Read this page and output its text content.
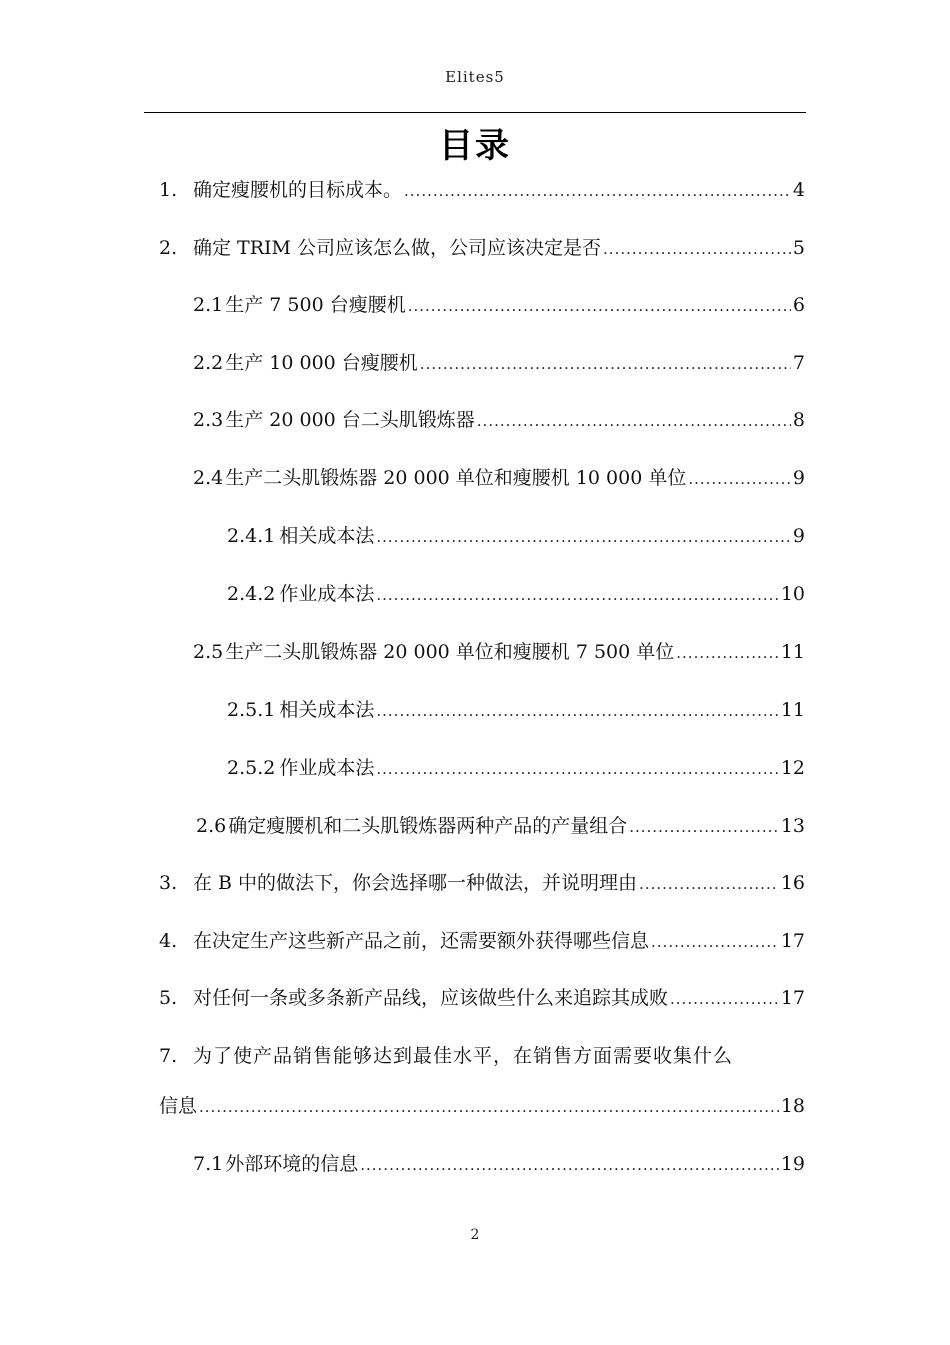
Elites5
目录
1. 确定瘦腰机的目标成本。 .....	4
2. 确定 TRIM 公司应该怎么做，公司应该决定是否 .....	5
2.1 生产 7 500 台瘦腰机 .....	6
2.2 生产 10 000 台瘦腰机 .....	7
2.3 生产 20 000 台二头肌锻炼器 .....	8
2.4 生产二头肌锻炼器 20 000 单位和瘦腰机 10 000 单位 .....	9
2.4.1 相关成本法 .....	9
2.4.2 作业成本法 .....	10
2.5 生产二头肌锻炼器 20 000 单位和瘦腰机 7 500 单位 .....	11
2.5.1 相关成本法 .....	11
2.5.2 作业成本法 .....	12
2.6 确定瘦腰机和二头肌锻炼器两种产品的产量组合 .....	13
3. 在 B 中的做法下，你会选择哪一种做法，并说明理由 .....	16
4. 在决定生产这些新产品之前，还需要额外获得哪些信息 .....	17
5. 对任何一条或多条新产品线，应该做些什么来追踪其成败 .....	17
7. 为了使产品销售能够达到最佳水平，在销售方面需要收集什么
信息 .....	18
7.1 外部环境的信息 .....	19
2
